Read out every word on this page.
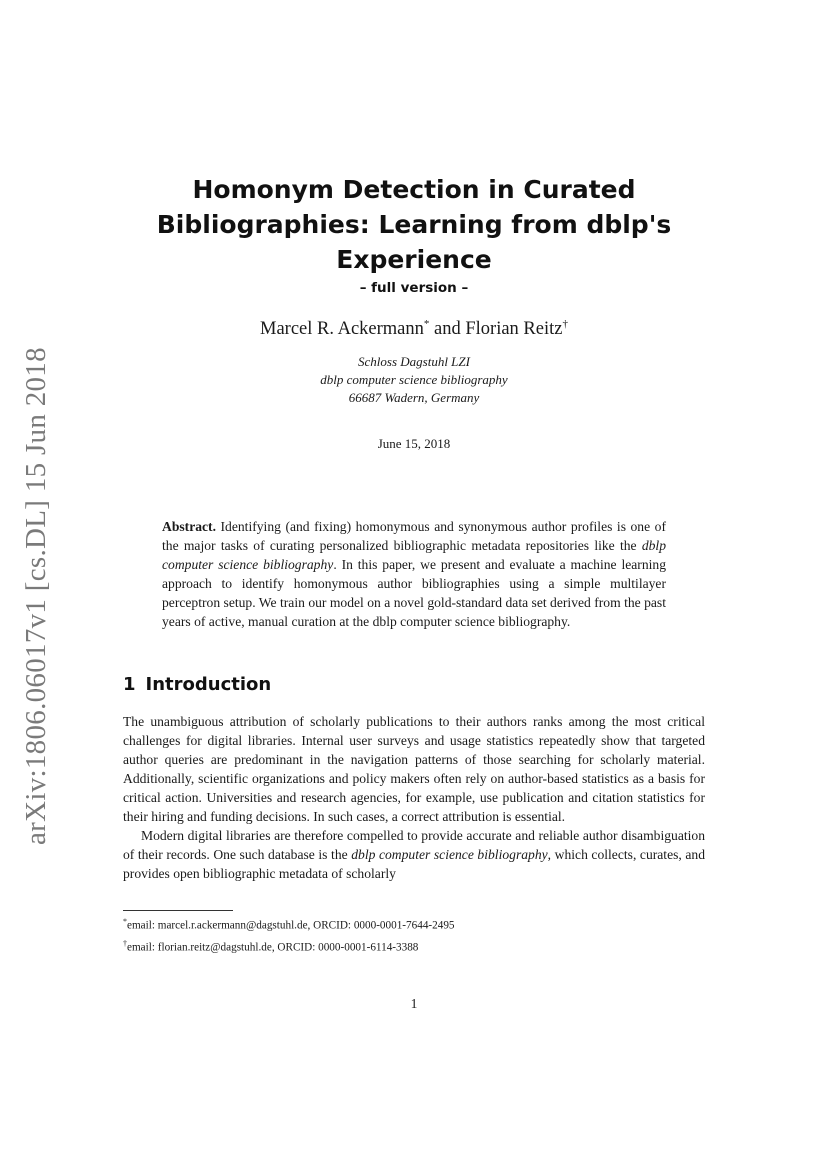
arXiv:1806.06017v1 [cs.DL] 15 Jun 2018
Homonym Detection in Curated
Bibliographies: Learning from dblp's
Experience
– full version –
Marcel R. Ackermann* and Florian Reitz†
Schloss Dagstuhl LZI
dblp computer science bibliography
66687 Wadern, Germany
June 15, 2018
Abstract. Identifying (and fixing) homonymous and synonymous author profiles is one of the major tasks of curating personalized bibliographic metadata repositories like the dblp computer science bibliography. In this paper, we present and evaluate a machine learning approach to identify homonymous author bibliographies using a simple multilayer perceptron setup. We train our model on a novel gold-standard data set derived from the past years of active, manual curation at the dblp computer science bibliography.
1 Introduction

The unambiguous attribution of scholarly publications to their authors ranks among the most critical challenges for digital libraries. Internal user surveys and usage statistics repeatedly show that targeted author queries are predominant in the navigation patterns of those searching for scholarly material. Additionally, scientific organizations and policy makers often rely on author-based statistics as a basis for critical action. Universities and research agencies, for example, use publication and citation statistics for their hiring and funding decisions. In such cases, a correct attribution is essential.

Modern digital libraries are therefore compelled to provide accurate and reliable author disambiguation of their records. One such database is the dblp computer science bibliography, which collects, curates, and provides open bibliographic metadata of scholarly

*email: marcel.r.ackermann@dagstuhl.de, ORCID: 0000-0001-7644-2495
†email: florian.reitz@dagstuhl.de, ORCID: 0000-0001-6114-3388
1
